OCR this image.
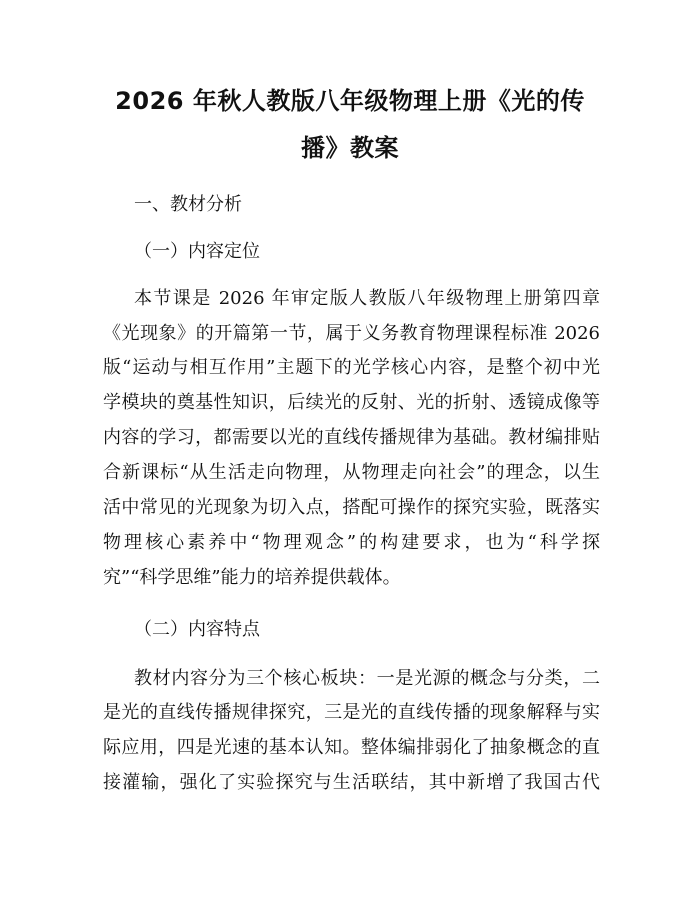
2026 年秋人教版八年级物理上册《光的传
播》教案

一、教材分析

（一）内容定位

本节课是 2026 年审定版人教版八年级物理上册第四章

《光现象》的开篇第一节，属于义务教育物理课程标准 2026

版“运动与相互作用”主题下的光学核心内容，是整个初中光

学模块的奠基性知识，后续光的反射、光的折射、透镜成像等

内容的学习，都需要以光的直线传播规律为基础。教材编排贴

合新课标“从生活走向物理，从物理走向社会”的理念，以生

活中常见的光现象为切入点，搭配可操作的探究实验，既落实

物理核心素养中“物理观念”的构建要求，也为“科学探

究”“科学思维”能力的培养提供载体。

（二）内容特点

教材内容分为三个核心板块：一是光源的概念与分类，二

是光的直线传播规律探究，三是光的直线传播的现象解释与实

际应用，四是光速的基本认知。整体编排弱化了抽象概念的直

接灌输，强化了实验探究与生活联结，其中新增了我国古代
